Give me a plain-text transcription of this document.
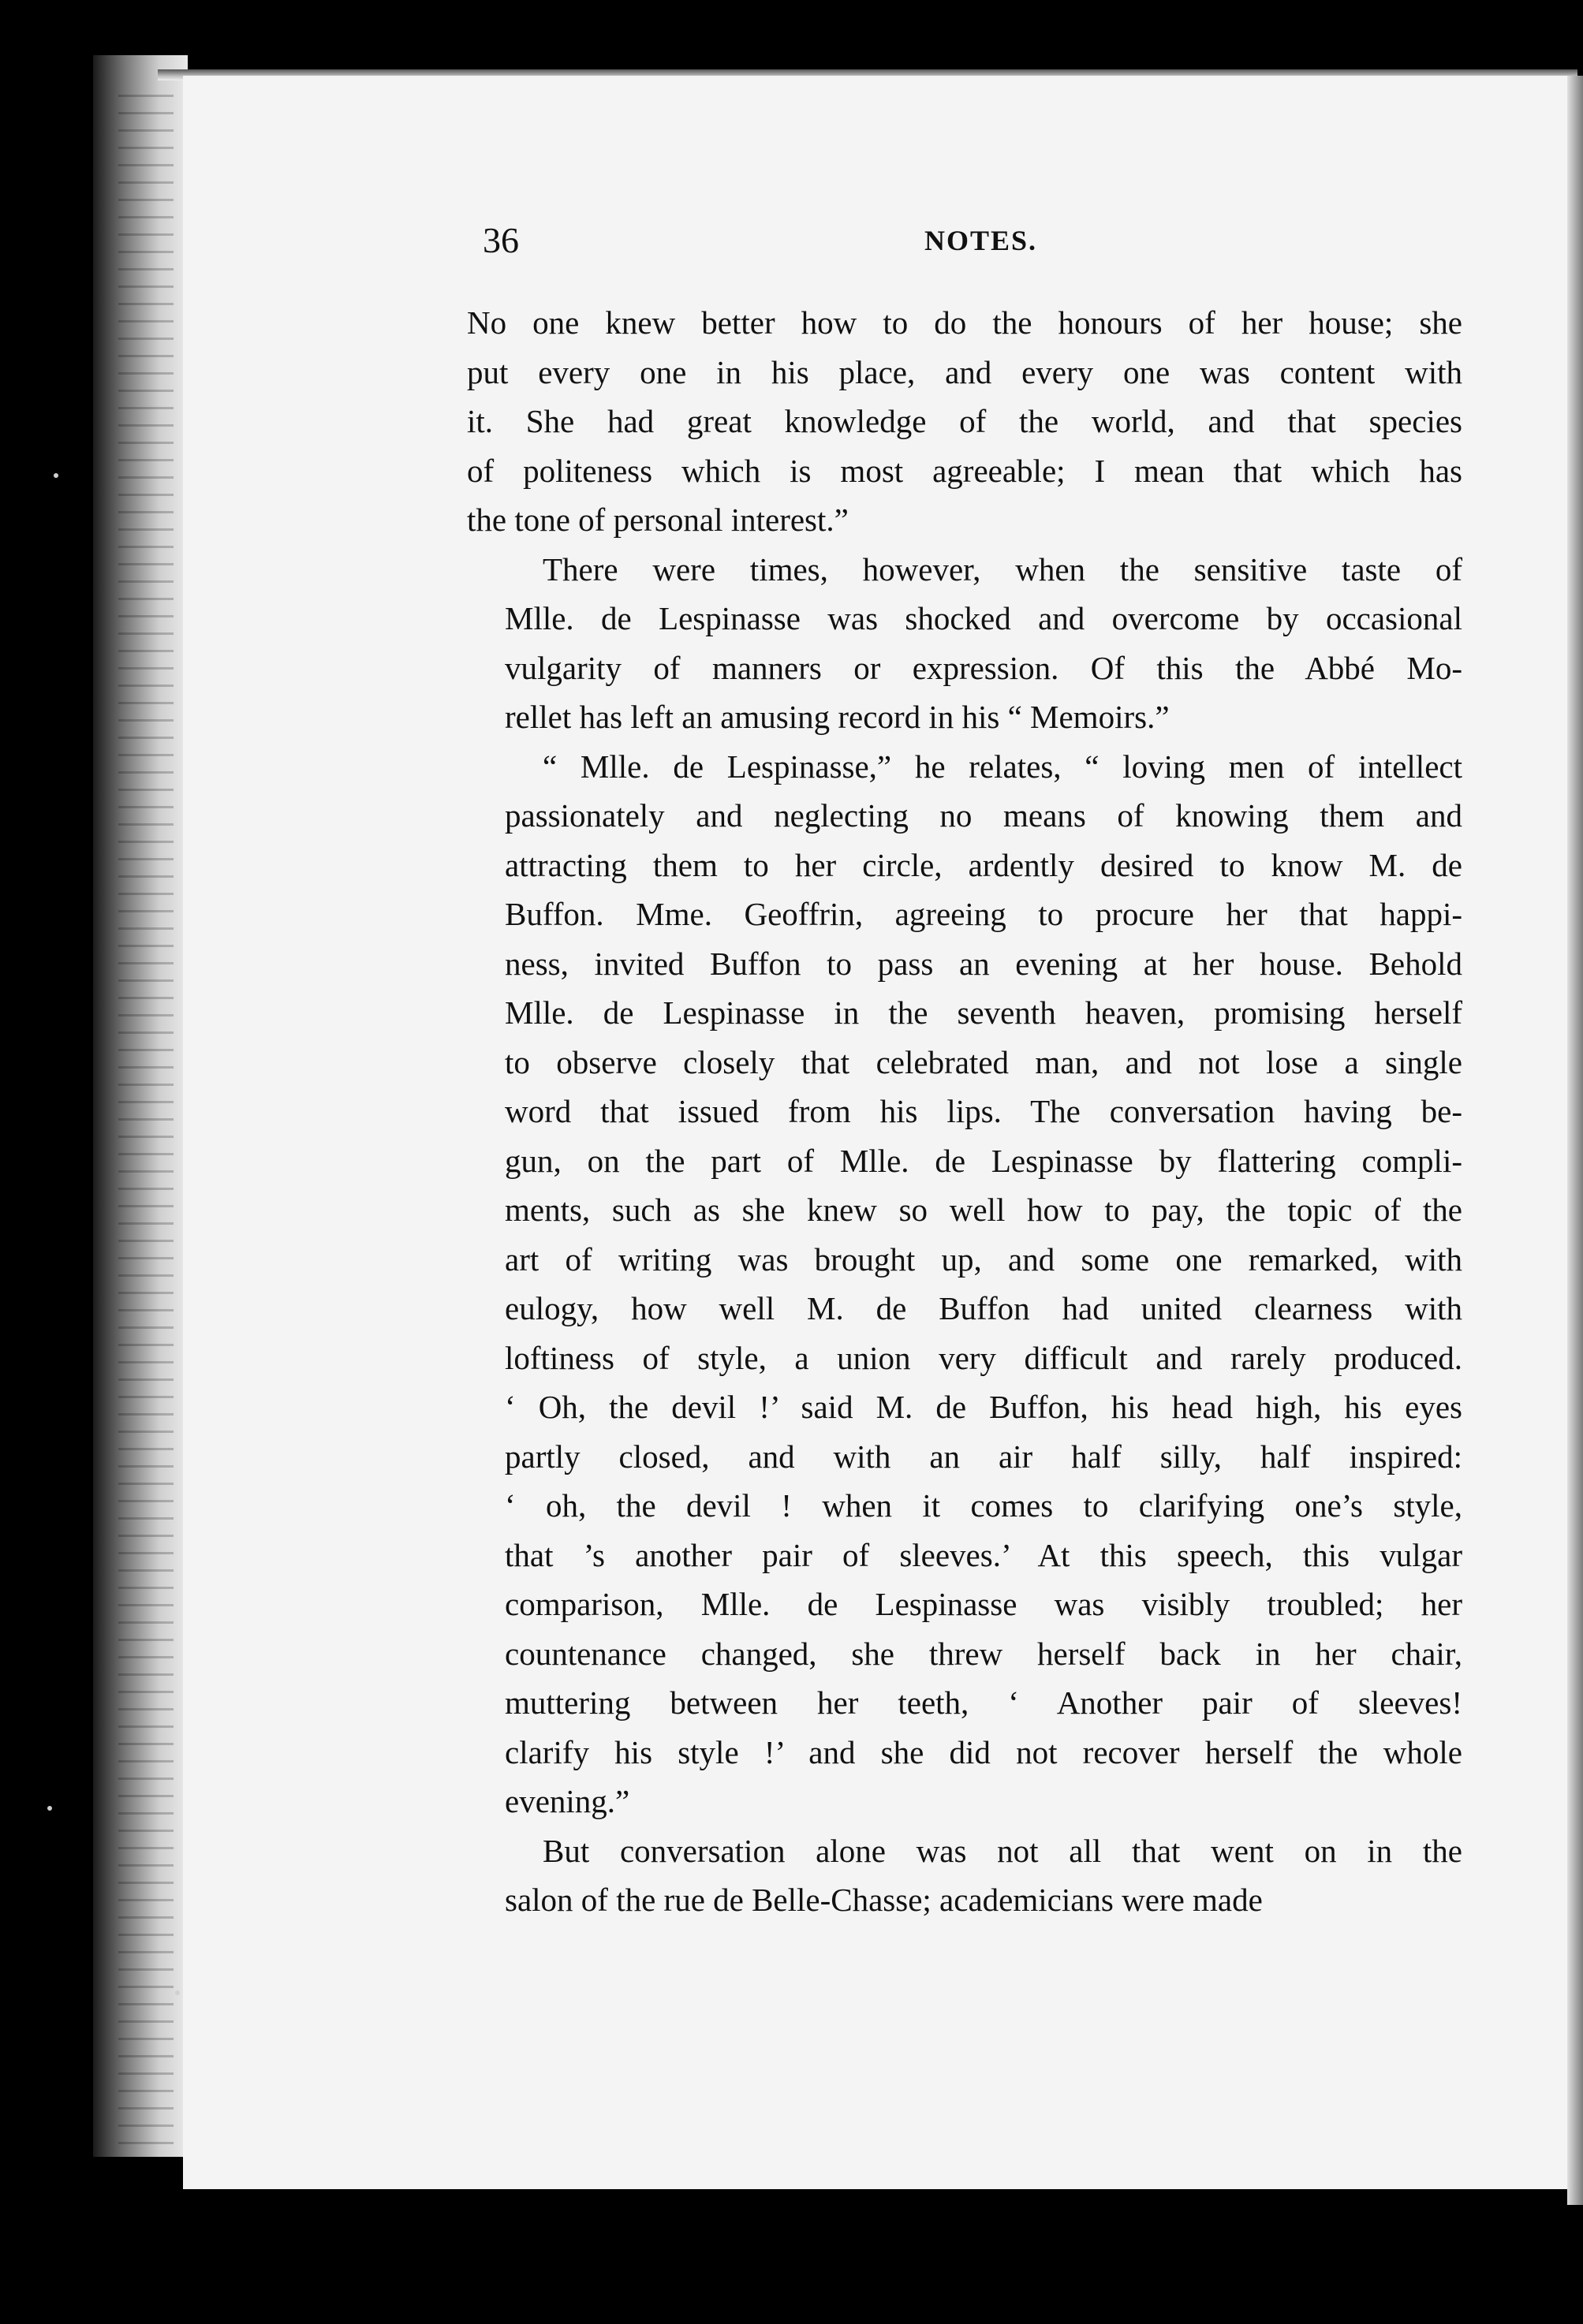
36	NOTES.
No one knew better how to do the honours of her house; she
put every one in his place, and every one was content with
it. She had great knowledge of the world, and that species
of politeness which is most agreeable; I mean that which has
the tone of personal interest.”
There were times, however, when the sensitive taste of
Mlle. de Lespinasse was shocked and overcome by occasional
vulgarity of manners or expression. Of this the Abbé Mo-
rellet has left an amusing record in his “ Memoirs.”
“ Mlle. de Lespinasse,” he relates, “ loving men of intellect
passionately and neglecting no means of knowing them and
attracting them to her circle, ardently desired to know M. de
Buffon. Mme. Geoffrin, agreeing to procure her that happi-
ness, invited Buffon to pass an evening at her house. Behold
Mlle. de Lespinasse in the seventh heaven, promising herself
to observe closely that celebrated man, and not lose a single
word that issued from his lips. The conversation having be-
gun, on the part of Mlle. de Lespinasse by flattering compli-
ments, such as she knew so well how to pay, the topic of the
art of writing was brought up, and some one remarked, with
eulogy, how well M. de Buffon had united clearness with
loftiness of style, a union very difficult and rarely produced.
‘ Oh, the devil !’ said M. de Buffon, his head high, his eyes
partly closed, and with an air half silly, half inspired:
‘ oh, the devil ! when it comes to clarifying one’s style,
that ’s another pair of sleeves.’ At this speech, this vulgar
comparison, Mlle. de Lespinasse was visibly troubled; her
countenance changed, she threw herself back in her chair,
muttering between her teeth, ‘ Another pair of sleeves!
clarify his style !’ and she did not recover herself the whole
evening.”
But conversation alone was not all that went on in the
salon of the rue de Belle-Chasse; academicians were made
